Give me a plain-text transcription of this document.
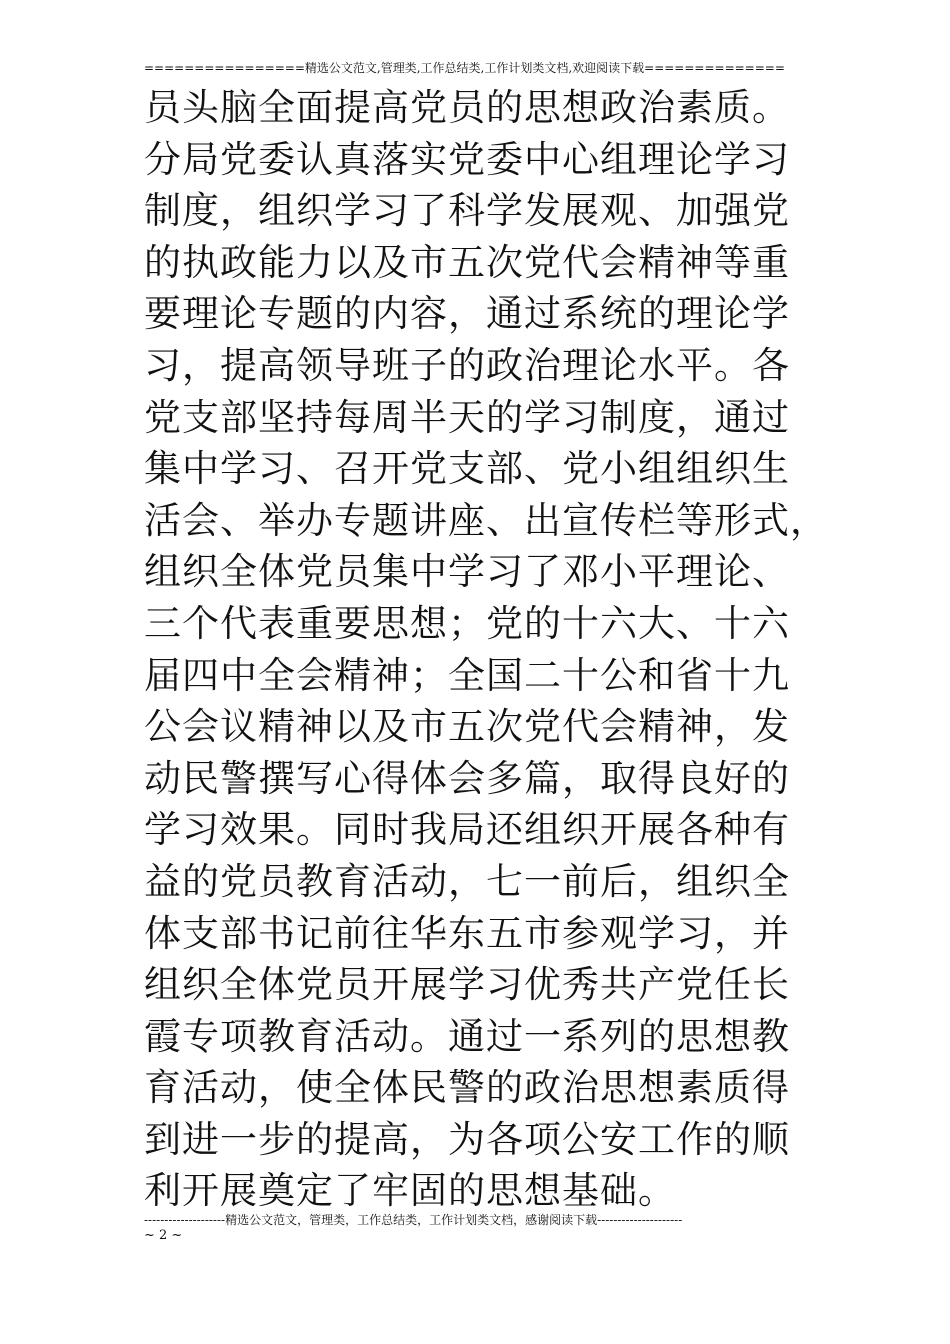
================精选公文范文,管理类,工作总结类,工作计划类文档,欢迎阅读下载==============
员头脑全面提高党员的思想政治素质。
分局党委认真落实党委中心组理论学习
制度，组织学习了科学发展观、加强党
的执政能力以及市五次党代会精神等重
要理论专题的内容，通过系统的理论学
习，提高领导班子的政治理论水平。各
党支部坚持每周半天的学习制度，通过
集中学习、召开党支部、党小组组织生
活会、举办专题讲座、出宣传栏等形式，
组织全体党员集中学习了邓小平理论、
三个代表重要思想；党的十六大、十六
届四中全会精神；全国二十公和省十九
公会议精神以及市五次党代会精神，发
动民警撰写心得体会多篇，取得良好的
学习效果。同时我局还组织开展各种有
益的党员教育活动，七一前后，组织全
体支部书记前往华东五市参观学习，并
组织全体党员开展学习优秀共产党任长
霞专项教育活动。通过一系列的思想教
育活动，使全体民警的政治思想素质得
到进一步的提高，为各项公安工作的顺
利开展奠定了牢固的思想基础。
--------------------精选公文范文，管理类，工作总结类，工作计划类文档，感谢阅读下载---------------------
~ 2 ~
